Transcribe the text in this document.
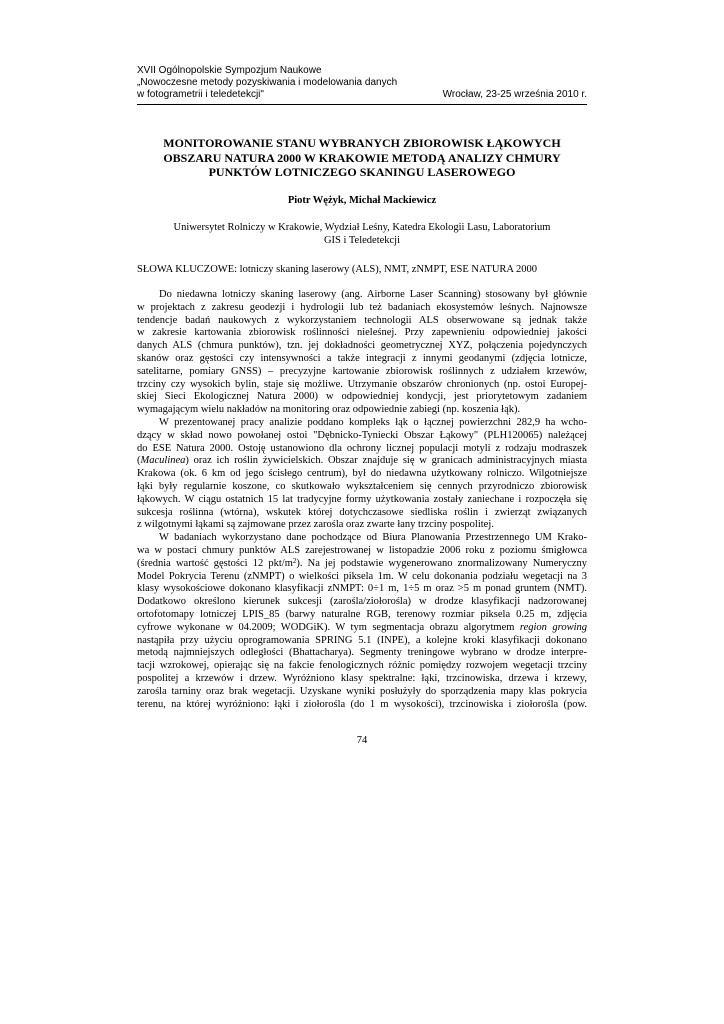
XVII Ogólnopolskie Sympozjum Naukowe
„Nowoczesne metody pozyskiwania i modelowania danych
w fotogrametrii i teledetekcji"	Wrocław, 23-25 września 2010 r.
MONITOROWANIE STANU WYBRANYCH ZBIOROWISK ŁĄKOWYCH
OBSZARU NATURA 2000 W KRAKOWIE METODĄ ANALIZY CHMURY
PUNKTÓW LOTNICZEGO SKANINGU LASEROWEGO
Piotr Wężyk, Michał Mackiewicz
Uniwersytet Rolniczy w Krakowie, Wydział Leśny, Katedra Ekologii Lasu, Laboratorium
GIS i Teledetekcji
SŁOWA KLUCZOWE: lotniczy skaning laserowy (ALS), NMT, zNMPT, ESE NATURA 2000
Do niedawna lotniczy skaning laserowy (ang. Airborne Laser Scanning) stosowany był głównie
w projektach z zakresu geodezji i hydrologii lub też badaniach ekosystemów leśnych. Najnowsze
tendencje badań naukowych z wykorzystaniem technologii ALS obserwowane są jednak także
w zakresie kartowania zbiorowisk roślinności nieleśnej. Przy zapewnieniu odpowiedniej jakości
danych ALS (chmura punktów), tzn. jej dokładności geometrycznej XYZ, połączenia pojedynczych
skanów oraz gęstości czy intensywności a także integracji z innymi geodanymi (zdjęcia lotnicze,
satelitarne, pomiary GNSS) – precyzyjne kartowanie zbiorowisk roślinnych z udziałem krzewów,
trzciny czy wysokich bylin, staje się możliwe. Utrzymanie obszarów chronionych (np. ostoi Europej-
skiej Sieci Ekologicznej Natura 2000) w odpowiedniej kondycji, jest priorytetowym zadaniem
wymagającym wielu nakładów na monitoring oraz odpowiednie zabiegi (np. koszenia łąk).
W prezentowanej pracy analizie poddano kompleks łąk o łącznej powierzchni 282,9 ha wcho-
dzący w skład nowo powołanej ostoi "Dębnicko-Tyniecki Obszar Łąkowy" (PLH120065) należącej
do ESE Natura 2000. Ostoję ustanowiono dla ochrony licznej populacji motyli z rodzaju modraszek
(Maculinea) oraz ich roślin żywicielskich. Obszar znajduje się w granicach administracyjnych miasta
Krakowa (ok. 6 km od jego ścisłego centrum), był do niedawna użytkowany rolniczo. Wilgotniejsze
łąki były regularnie koszone, co skutkowało wykształceniem się cennych przyrodniczo zbiorowisk
łąkowych. W ciągu ostatnich 15 lat tradycyjne formy użytkowania zostały zaniechane i rozpoczęła się
sukcesja roślinna (wtórna), wskutek której dotychczasowe siedliska roślin i zwierząt związanych
z wilgotnymi łąkami są zajmowane przez zarośla oraz zwarte łany trzciny pospolitej.
W badaniach wykorzystano dane pochodzące od Biura Planowania Przestrzennego UM Krako-
wa w postaci chmury punktów ALS zarejestrowanej w listopadzie 2006 roku z poziomu śmigłowca
(średnia wartość gęstości 12 pkt/$m^2$). Na jej podstawie wygenerowano znormalizowany Numeryczny
Model Pokrycia Terenu (zNMPT) o wielkości piksela 1m. W celu dokonania podziału wegetacji na 3
klasy wysokościowe dokonano klasyfikacji zNMPT: 0÷1 m, 1÷5 m oraz >5 m ponad gruntem (NMT).
Dodatkowo określono kierunek sukcesji (zarośla/ziołorośla) w drodze klasyfikacji nadzorowanej
ortofotomapy lotniczej LPIS_85 (barwy naturalne RGB, terenowy rozmiar piksela 0.25 m, zdjęcia
cyfrowe wykonane w 04.2009; WODGiK). W tym segmentacja obrazu algorytmem region growing
nastąpiła przy użyciu oprogramowania SPRING 5.1 (INPE), a kolejne kroki klasyfikacji dokonano
metodą najmniejszych odległości (Bhattacharya). Segmenty treningowe wybrano w drodze interpre-
tacji wzrokowej, opierając się na fakcie fenologicznych różnic pomiędzy rozwojem wegetacji trzciny
pospolitej a krzewów i drzew. Wyróżniono klasy spektralne: łąki, trzcinowiska, drzewa i krzewy,
zarośla tarniny oraz brak wegetacji. Uzyskane wyniki posłużyły do sporządzenia mapy klas pokrycia
terenu, na której wyróżniono: łąki i ziołorośla (do 1 m wysokości), trzcinowiska i ziołorośla (pow.
74
